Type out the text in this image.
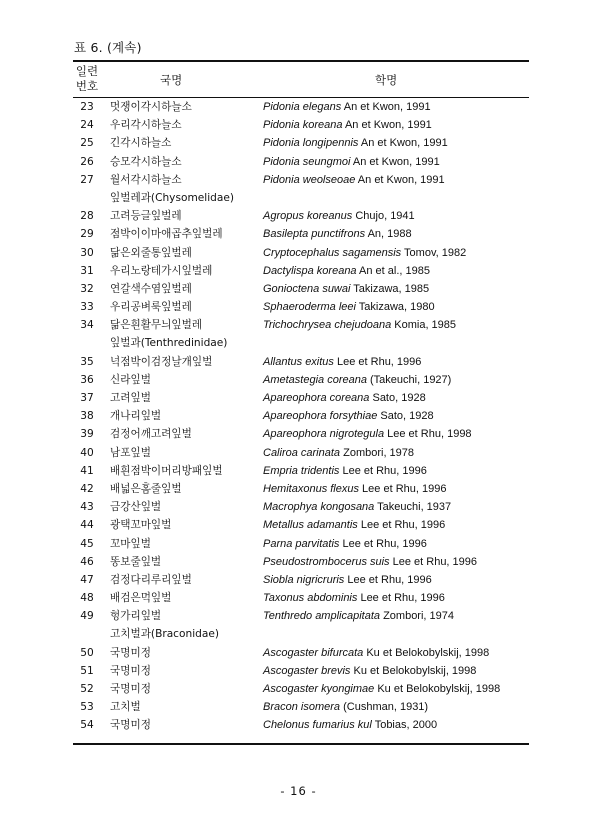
표 6. (계속)
일련
번호	국명	학명
23	멋쟁이각시하늘소	Pidonia elegans An et Kwon, 1991
24	우리각시하늘소	Pidonia koreana An et Kwon, 1991
25	긴각시하늘소	Pidonia longipennis An et Kwon, 1991
26	승모각시하늘소	Pidonia seungmoi An et Kwon, 1991
27	월서각시하늘소	Pidonia weolseoae An et Kwon, 1991
잎벌레과(Chysomelidae)
28	고려등글잎벌레	Agropus koreanus Chujo, 1941
29	점박이이마애곱추잎벌레	Basilepta punctifrons An, 1988
30	닮은외줄통잎벌레	Cryptocephalus sagamensis Tomov, 1982
31	우리노랑테가시잎벌레	Dactylispa koreana An et al., 1985
32	연갈색수염잎벌레	Gonioctena suwai Takizawa, 1985
33	우리공벼룩잎벌레	Sphaeroderma leei Takizawa, 1980
34	닮은흰활무늬잎벌레	Trichochrysea chejudoana Komia, 1985
잎벌과(Tenthredinidae)
35	넉점박이검정날개잎벌	Allantus exitus Lee et Rhu, 1996
36	신라잎벌	Ametastegia coreana (Takeuchi, 1927)
37	고려잎벌	Apareophora coreana Sato, 1928
38	개나리잎벌	Apareophora forsythiae Sato, 1928
39	검정어깨고려잎벌	Apareophora nigrotegula Lee et Rhu, 1998
40	남포잎벌	Caliroa carinata Zombori, 1978
41	배흰점박이머리방패잎벌	Empria tridentis Lee et Rhu, 1996
42	배넓은홈줄잎벌	Hemitaxonus flexus Lee et Rhu, 1996
43	금강산잎벌	Macrophya kongosana Takeuchi, 1937
44	광택꼬마잎벌	Metallus adamantis Lee et Rhu, 1996
45	꼬마잎벌	Parna parvitatis Lee et Rhu, 1996
46	똥보줄잎벌	Pseudostrombocerus suis Lee et Rhu, 1996
47	검정다리루리잎벌	Siobla nigricruris Lee et Rhu, 1996
48	배검은먹잎벌	Taxonus abdominis Lee et Rhu, 1996
49	헝가리잎벌	Tenthredo amplicapitata Zombori, 1974
고치벌과(Braconidae)
50	국명미정	Ascogaster bifurcata Ku et Belokobylskij, 1998
51	국명미정	Ascogaster brevis Ku et Belokobylskij, 1998
52	국명미정	Ascogaster kyongimae Ku et Belokobylskij, 1998
53	고치벌	Bracon isomera (Cushman, 1931)
54	국명미정	Chelonus fumarius kul Tobias, 2000
- 16 -
